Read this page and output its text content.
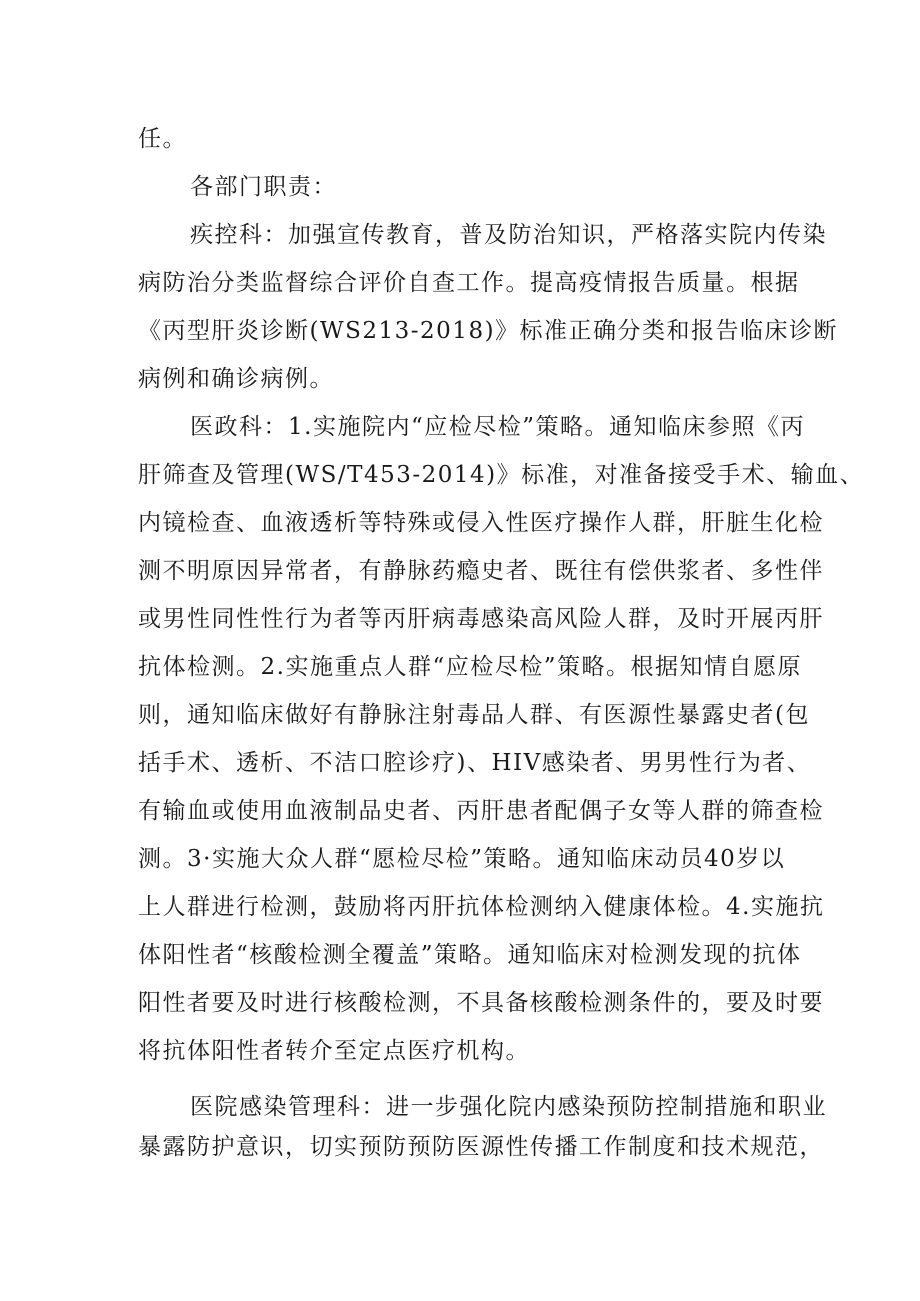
任。
各部门职责：
疾控科：加强宣传教育，普及防治知识，严格落实院内传染
病防治分类监督综合评价自查工作。提高疫情报告质量。根据
《丙型肝炎诊断(WS213-2018)》标准正确分类和报告临床诊断
病例和确诊病例。
医政科：1.实施院内“应检尽检”策略。通知临床参照《丙
肝筛查及管理(WS/T453-2014)》标准，对准备接受手术、输血、
内镜检查、血液透析等特殊或侵入性医疗操作人群，肝脏生化检
测不明原因异常者，有静脉药瘾史者、既往有偿供浆者、多性伴
或男性同性性行为者等丙肝病毒感染高风险人群，及时开展丙肝
抗体检测。2.实施重点人群“应检尽检”策略。根据知情自愿原
则，通知临床做好有静脉注射毒品人群、有医源性暴露史者(包
括手术、透析、不洁口腔诊疗)、HIV感染者、男男性行为者、
有输血或使用血液制品史者、丙肝患者配偶子女等人群的筛查检
测。3·实施大众人群“愿检尽检”策略。通知临床动员40岁以
上人群进行检测，鼓励将丙肝抗体检测纳入健康体检。4.实施抗
体阳性者“核酸检测全覆盖”策略。通知临床对检测发现的抗体
阳性者要及时进行核酸检测，不具备核酸检测条件的，要及时要
将抗体阳性者转介至定点医疗机构。
医院感染管理科：进一步强化院内感染预防控制措施和职业
暴露防护意识，切实预防预防医源性传播工作制度和技术规范，
